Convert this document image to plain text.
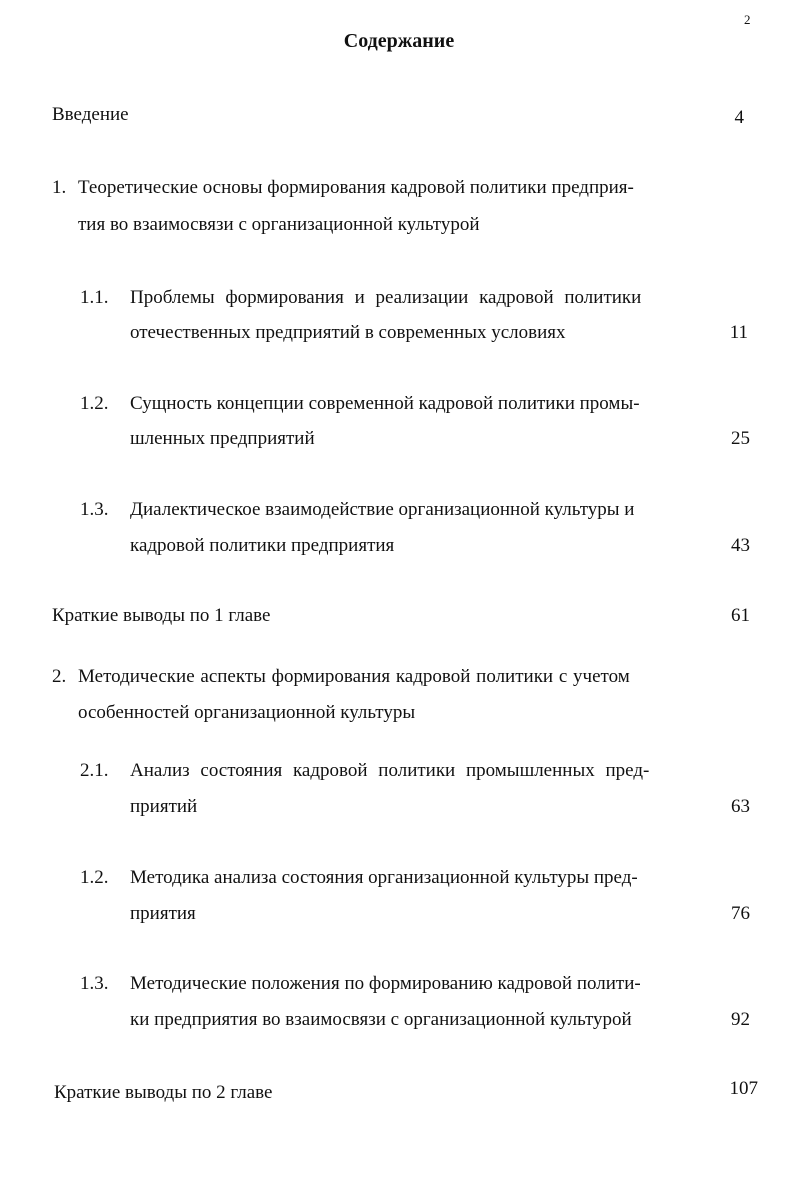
2
Содержание
Введение	4
1. Теоретические основы формирования кадровой политики предприя-
тия во взаимосвязи с организационной культурой
1.1. Проблемы формирования и реализации кадровой политики
отечественных предприятий в современных условиях	11
1.2. Сущность концепции современной кадровой политики промы-
шленных предприятий	25
1.3. Диалектическое взаимодействие организационной культуры и
кадровой политики предприятия	43
Краткие выводы по 1 главе	61
2. Методические аспекты формирования кадровой политики с учетом
особенностей организационной культуры
2.1. Анализ состояния кадровой политики промышленных пред-
приятий	63
1.2. Методика анализа состояния организационной культуры пред-
приятия	76
1.3. Методические положения по формированию кадровой полити-
ки предприятия во взаимосвязи с организационной культурой	92
Краткие выводы по 2 главе	107
